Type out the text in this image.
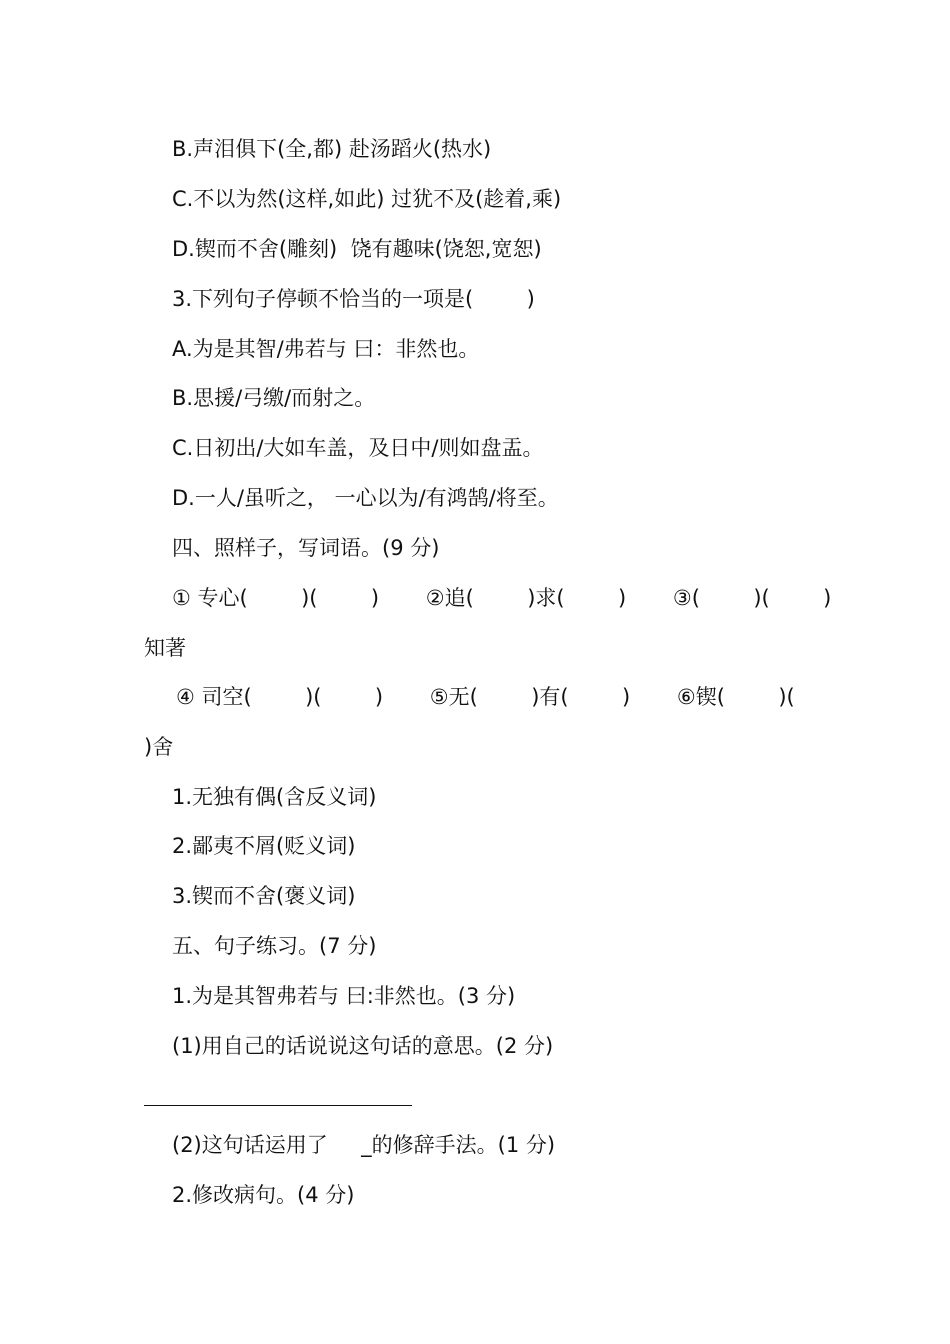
B.声泪俱下(全,都) 赴汤蹈火(热水)
C.不以为然(这样,如此) 过犹不及(趁着,乘)
D.锲而不舍(雕刻)  饶有趣味(饶恕,宽恕)
3.下列句子停顿不恰当的一项是(        )
A.为是其智/弗若与 曰：非然也。
B.思援/弓缴/而射之。
C.日初出/大如车盖，及日中/则如盘盂。
D.一人/虽听之， 一心以为/有鸿鹄/将至。
四、照样子，写词语。(9 分)
① 专心(        )(        )       ②追(        )求(        )       ③(        )(        )
知著
④ 司空(        )(        )       ⑤无(        )有(        )       ⑥锲(        )(
)舍
1.无独有偶(含反义词)
2.鄙夷不屑(贬义词)
3.锲而不舍(褒义词)
五、句子练习。(7 分)
1.为是其智弗若与 曰:非然也。(3 分)
(1)用自己的话说说这句话的意思。(2 分)
(2)这句话运用了     _的修辞手法。(1 分)
2.修改病句。(4 分)
